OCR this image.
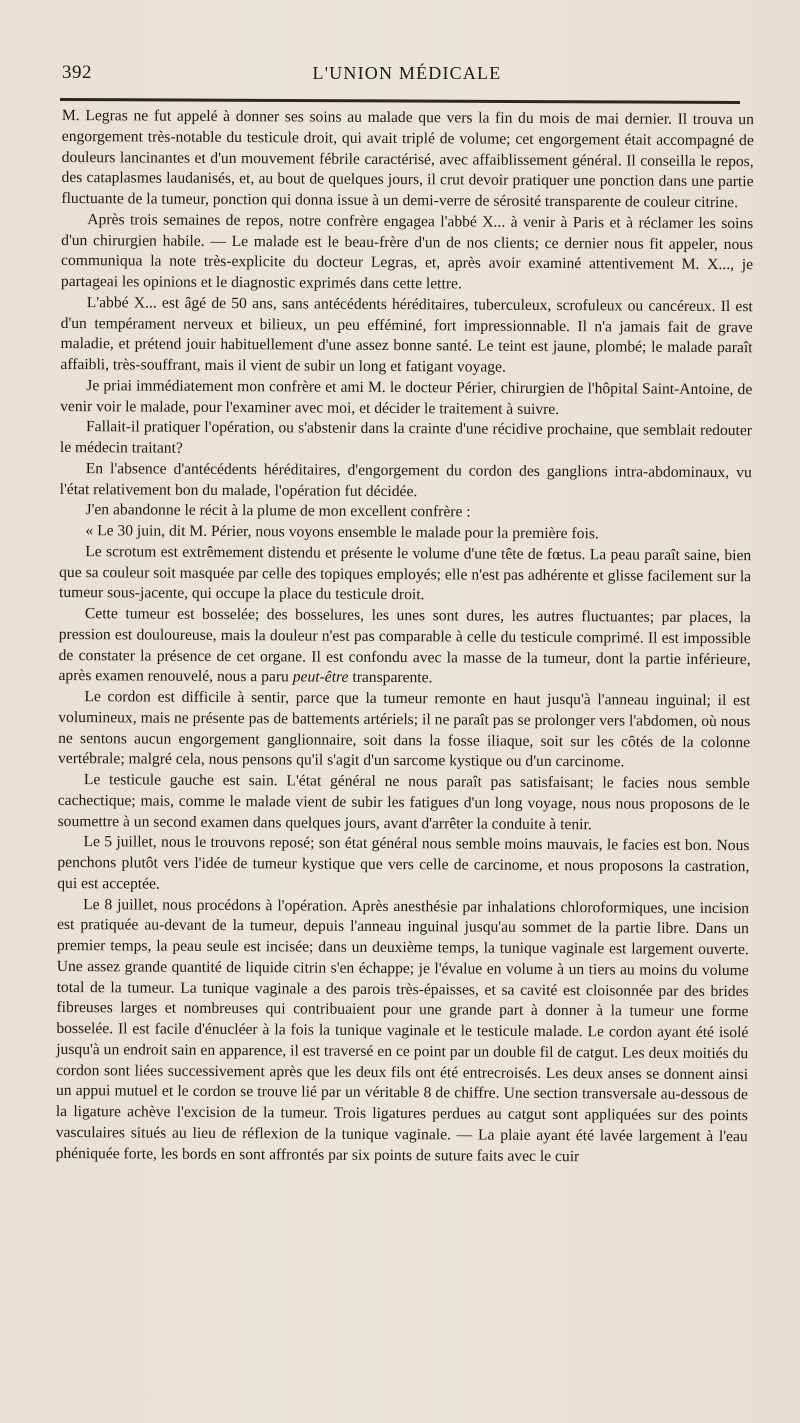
392	L'UNION MÉDICALE

M. Legras ne fut appelé à donner ses soins au malade que vers la fin du mois de mai dernier. Il trouva un engorgement très-notable du testicule droit, qui avait triplé de volume; cet engorgement était accompagné de douleurs lancinantes et d'un mouvement fébrile caractérisé, avec affaiblissement général. Il conseilla le repos, des cataplasmes laudanisés, et, au bout de quelques jours, il crut devoir pratiquer une ponction dans une partie fluctuante de la tumeur, ponction qui donna issue à un demi-verre de sérosité transparente de couleur citrine.

Après trois semaines de repos, notre confrère engagea l'abbé X... à venir à Paris et à réclamer les soins d'un chirurgien habile. — Le malade est le beau-frère d'un de nos clients; ce dernier nous fit appeler, nous communiqua la note très-explicite du docteur Legras, et, après avoir examiné attentivement M. X..., je partageai les opinions et le diagnostic exprimés dans cette lettre.

L'abbé X... est âgé de 50 ans, sans antécédents héréditaires, tuberculeux, scrofuleux ou cancéreux. Il est d'un tempérament nerveux et bilieux, un peu efféminé, fort impressionnable. Il n'a jamais fait de grave maladie, et prétend jouir habituellement d'une assez bonne santé. Le teint est jaune, plombé; le malade paraît affaibli, très-souffrant, mais il vient de subir un long et fatigant voyage.

Je priai immédiatement mon confrère et ami M. le docteur Périer, chirurgien de l'hôpital Saint-Antoine, de venir voir le malade, pour l'examiner avec moi, et décider le traitement à suivre.

Fallait-il pratiquer l'opération, ou s'abstenir dans la crainte d'une récidive prochaine, que semblait redouter le médecin traitant?

En l'absence d'antécédents héréditaires, d'engorgement du cordon des ganglions intra-abdominaux, vu l'état relativement bon du malade, l'opération fut décidée.

J'en abandonne le récit à la plume de mon excellent confrère :

« Le 30 juin, dit M. Périer, nous voyons ensemble le malade pour la première fois.

Le scrotum est extrêmement distendu et présente le volume d'une tête de fœtus. La peau paraît saine, bien que sa couleur soit masquée par celle des topiques employés; elle n'est pas adhérente et glisse facilement sur la tumeur sous-jacente, qui occupe la place du testicule droit.

Cette tumeur est bosselée; des bosselures, les unes sont dures, les autres fluctuantes; par places, la pression est douloureuse, mais la douleur n'est pas comparable à celle du testicule comprimé. Il est impossible de constater la présence de cet organe. Il est confondu avec la masse de la tumeur, dont la partie inférieure, après examen renouvelé, nous a paru peut-être transparente.

Le cordon est difficile à sentir, parce que la tumeur remonte en haut jusqu'à l'anneau inguinal; il est volumineux, mais ne présente pas de battements artériels; il ne paraît pas se prolonger vers l'abdomen, où nous ne sentons aucun engorgement ganglionnaire, soit dans la fosse iliaque, soit sur les côtés de la colonne vertébrale; malgré cela, nous pensons qu'il s'agit d'un sarcome kystique ou d'un carcinome.

Le testicule gauche est sain. L'état général ne nous paraît pas satisfaisant; le facies nous semble cachectique; mais, comme le malade vient de subir les fatigues d'un long voyage, nous nous proposons de le soumettre à un second examen dans quelques jours, avant d'arrêter la conduite à tenir.

Le 5 juillet, nous le trouvons reposé; son état général nous semble moins mauvais, le facies est bon. Nous penchons plutôt vers l'idée de tumeur kystique que vers celle de carcinome, et nous proposons la castration, qui est acceptée.

Le 8 juillet, nous procédons à l'opération. Après anesthésie par inhalations chloroformiques, une incision est pratiquée au-devant de la tumeur, depuis l'anneau inguinal jusqu'au sommet de la partie libre. Dans un premier temps, la peau seule est incisée; dans un deuxième temps, la tunique vaginale est largement ouverte. Une assez grande quantité de liquide citrin s'en échappe; je l'évalue en volume à un tiers au moins du volume total de la tumeur. La tunique vaginale a des parois très-épaisses, et sa cavité est cloisonnée par des brides fibreuses larges et nombreuses qui contribuaient pour une grande part à donner à la tumeur une forme bosselée. Il est facile d'énucléer à la fois la tunique vaginale et le testicule malade. Le cordon ayant été isolé jusqu'à un endroit sain en apparence, il est traversé en ce point par un double fil de catgut. Les deux moitiés du cordon sont liées successivement après que les deux fils ont été entrecroisés. Les deux anses se donnent ainsi un appui mutuel et le cordon se trouve lié par un véritable 8 de chiffre. Une section transversale au-dessous de la ligature achève l'excision de la tumeur. Trois ligatures perdues au catgut sont appliquées sur des points vasculaires situés au lieu de réflexion de la tunique vaginale. — La plaie ayant été lavée largement à l'eau phéniquée forte, les bords en sont affrontés par six points de suture faits avec le cuir
